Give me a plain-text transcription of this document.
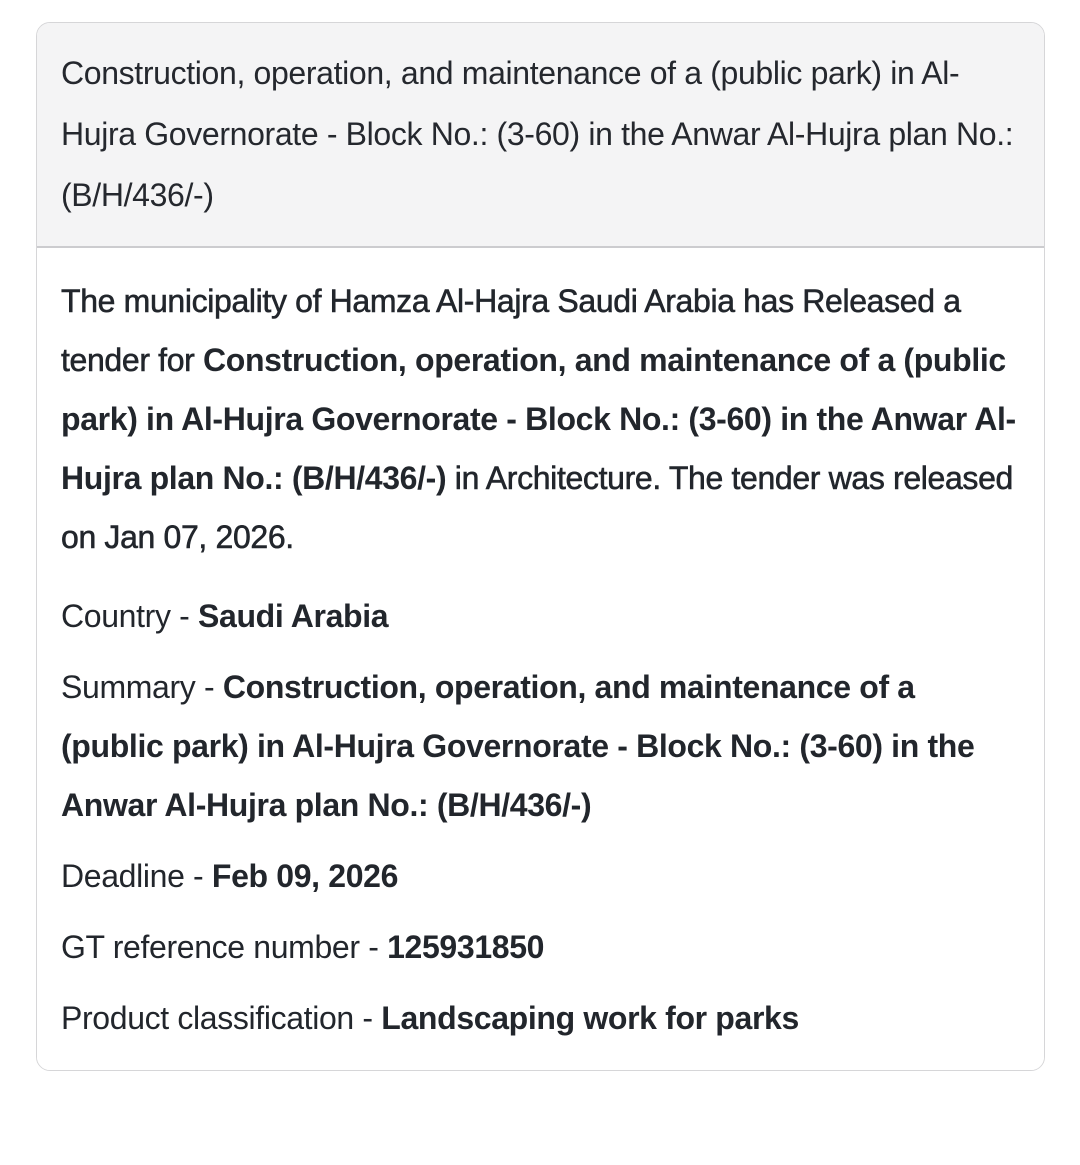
Construction, operation, and maintenance of a (public park) in Al-Hujra Governorate - Block No.: (3-60) in the Anwar Al-Hujra plan No.: (B/H/436/-)

The municipality of Hamza Al-Hajra Saudi Arabia has Released a tender for Construction, operation, and maintenance of a (public park) in Al-Hujra Governorate - Block No.: (3-60) in the Anwar Al-Hujra plan No.: (B/H/436/-) in Architecture. The tender was released on Jan 07, 2026.

Country - Saudi Arabia

Summary - Construction, operation, and maintenance of a (public park) in Al-Hujra Governorate - Block No.: (3-60) in the Anwar Al-Hujra plan No.: (B/H/436/-)

Deadline - Feb 09, 2026

GT reference number - 125931850

Product classification - Landscaping work for parks
